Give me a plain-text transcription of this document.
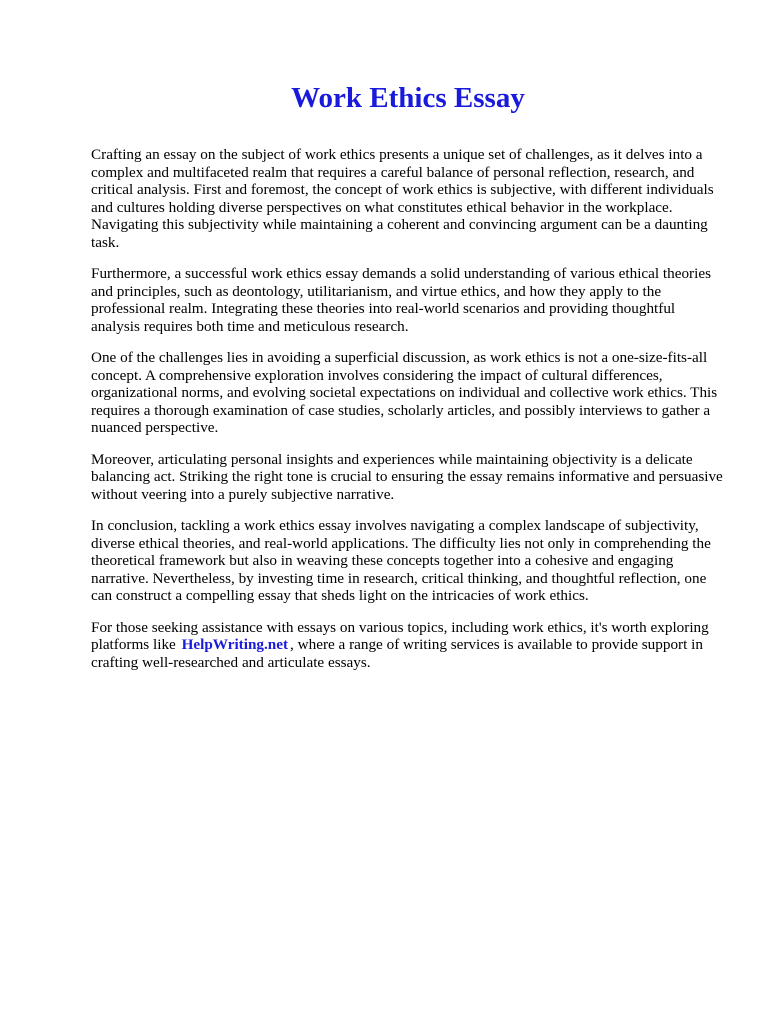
Work Ethics Essay

Crafting an essay on the subject of work ethics presents a unique set of challenges, as it delves into a complex and multifaceted realm that requires a careful balance of personal reflection, research, and critical analysis. First and foremost, the concept of work ethics is subjective, with different individuals and cultures holding diverse perspectives on what constitutes ethical behavior in the workplace. Navigating this subjectivity while maintaining a coherent and convincing argument can be a daunting task.

Furthermore, a successful work ethics essay demands a solid understanding of various ethical theories and principles, such as deontology, utilitarianism, and virtue ethics, and how they apply to the professional realm. Integrating these theories into real-world scenarios and providing thoughtful analysis requires both time and meticulous research.

One of the challenges lies in avoiding a superficial discussion, as work ethics is not a one-size-fits-all concept. A comprehensive exploration involves considering the impact of cultural differences, organizational norms, and evolving societal expectations on individual and collective work ethics. This requires a thorough examination of case studies, scholarly articles, and possibly interviews to gather a nuanced perspective.

Moreover, articulating personal insights and experiences while maintaining objectivity is a delicate balancing act. Striking the right tone is crucial to ensuring the essay remains informative and persuasive without veering into a purely subjective narrative.

In conclusion, tackling a work ethics essay involves navigating a complex landscape of subjectivity, diverse ethical theories, and real-world applications. The difficulty lies not only in comprehending the theoretical framework but also in weaving these concepts together into a cohesive and engaging narrative. Nevertheless, by investing time in research, critical thinking, and thoughtful reflection, one can construct a compelling essay that sheds light on the intricacies of work ethics.

For those seeking assistance with essays on various topics, including work ethics, it's worth exploring platforms like HelpWriting.net , where a range of writing services is available to provide support in crafting well-researched and articulate essays.
